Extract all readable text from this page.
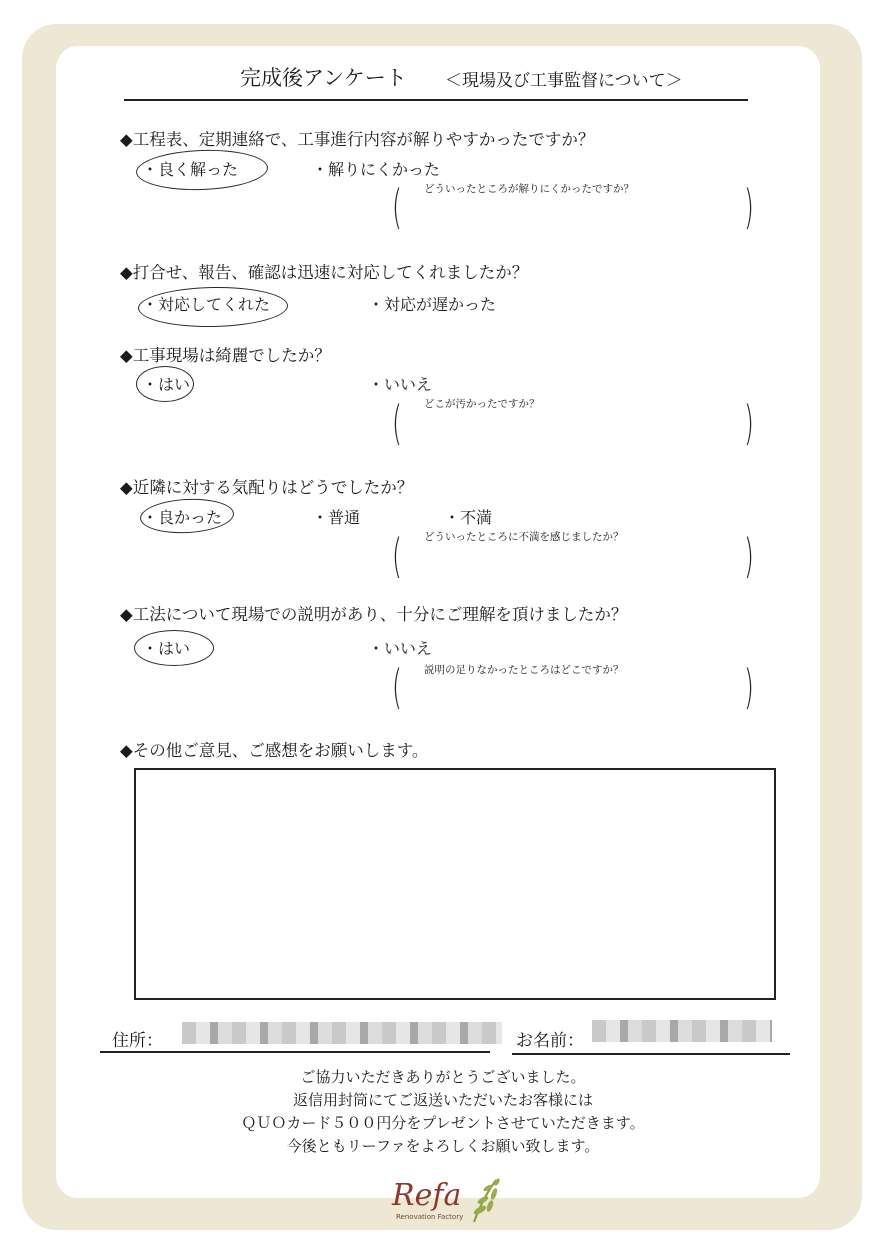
完成後アンケート ＜現場及び工事監督について＞
◆工程表、定期連絡で、工事進行内容が解りやすかったですか？
・良く解った	・解りにくかった
どういったところが解りにくかったですか？
(	)
◆打合せ、報告、確認は迅速に対応してくれましたか？
・対応してくれた	・対応が遅かった
◆工事現場は綺麗でしたか？
・はい	・いいえ
どこが汚かったですか？
(	)
◆近隣に対する気配りはどうでしたか？
・良かった	・普通	・不満
どういったところに不満を感じましたか？
(	)
◆工法について現場での説明があり、十分にご理解を頂けましたか？
・はい	・いいえ
説明の足りなかったところはどこですか？
(	)
◆その他ご意見、ご感想をお願いします。
住所：	お名前：
ご協力いただきありがとうございました。
返信用封筒にてご返送いただいたお客様には
ＱＵＯカード５００円分をプレゼントさせていただきます。
今後ともリーファをよろしくお願い致します。
Refa
Renovation Factory
